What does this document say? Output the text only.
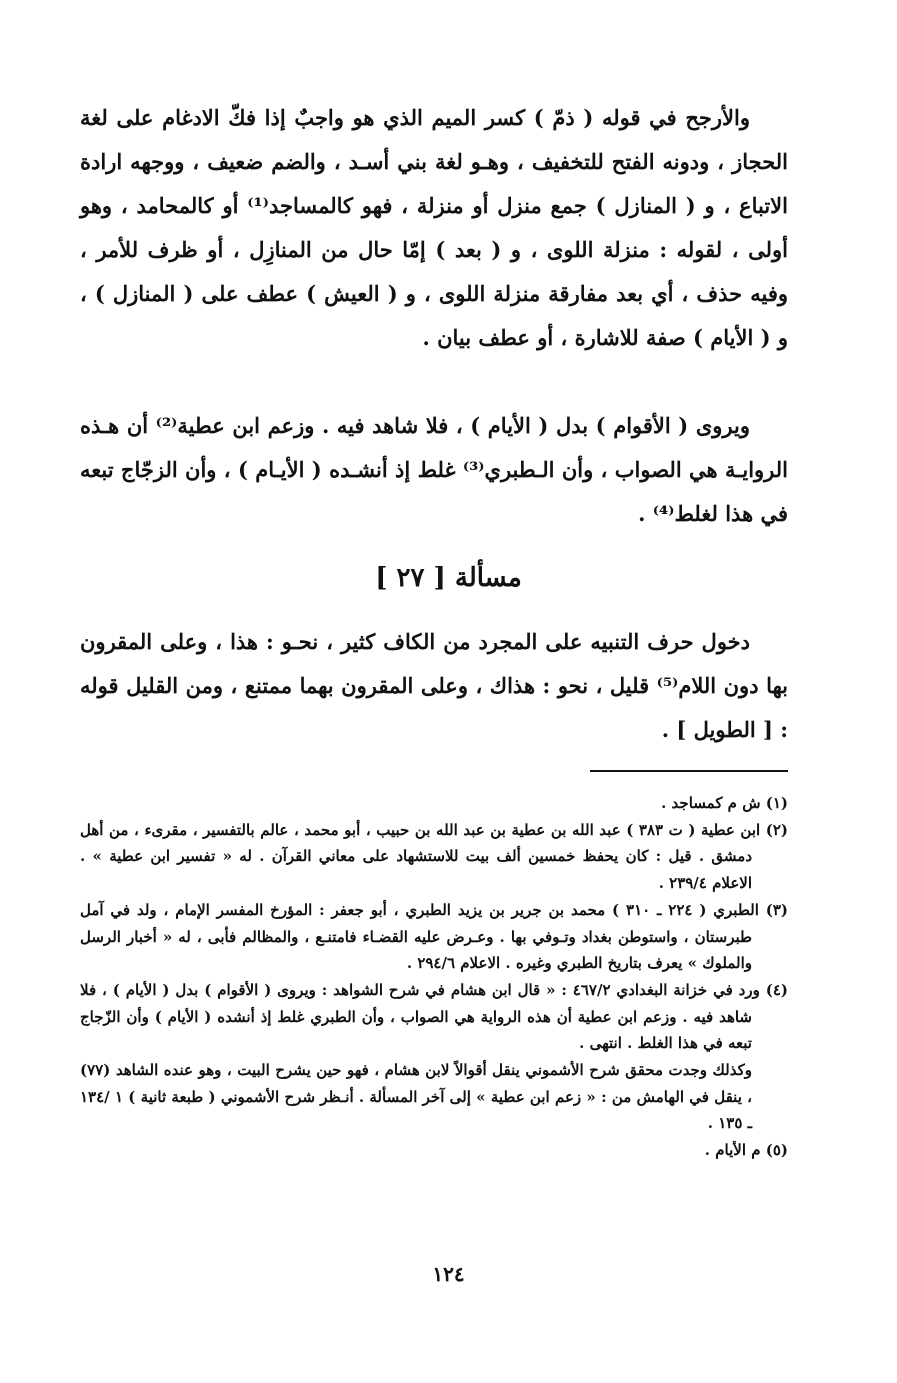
والأرجح في قوله ( ذمّ ) كسر الميم الذي هو واجبٌ إذا فكّ الادغام على لغة الحجاز ، ودونه الفتح للتخفيف ، وهـو لغة بني أسـد ، والضم ضعيف ، ووجهه ارادة الاتباع ، و ( المنازل ) جمع منزل أو منزلة ، فهو كالمساجد⁽¹⁾ أو كالمحامد ، وهو أولى ، لقوله : منزلة اللوى ، و ( بعد ) إمّا حال من المنازِل ، أو ظرف للأمر ، وفيه حذف ، أي بعد مفارقة منزلة اللوى ، و ( العيش ) عطف على ( المنازل ) ، و ( الأيام ) صفة للاشارة ، أو عطف بيان .

ويروى ( الأقوام ) بدل ( الأيام ) ، فلا شاهد فيه . وزعم ابن عطية⁽²⁾ أن هـذه الروايـة هي الصواب ، وأن الـطبري⁽³⁾ غلط إذ أنشـده ( الأيـام ) ، وأن الزجّاج تبعه في هذا لغلط⁽⁴⁾ .

مسألة [ ٢٧ ]

دخول حرف التنبيه على المجرد من الكاف كثير ، نحـو : هذا ، وعلى المقرون بها دون اللام⁽⁵⁾ قليل ، نحو : هذاك ، وعلى المقرون بهما ممتنع ، ومن القليل قوله : [ الطويل ] .

(١) ش م كمساجد .

(٢) ابن عطية ( ت ٣٨٣ ) عبد الله بن عطية بن عبد الله بن حبيب ، أبو محمد ، عالم بالتفسير ، مقرىء ، من أهل دمشق . قيل : كان يحفظ خمسين ألف بيت للاستشهاد على معاني القرآن . له « تفسير ابن عطية » . الاعلام ٢٣٩/٤ .

(٣) الطبري ( ٢٢٤ ـ ٣١٠ ) محمد بن جرير بن يزيد الطبري ، أبو جعفر : المؤرخ المفسر الإمام ، ولد في آمل طبرستان ، واستوطن بغداد وتـوفي بها . وعـرض عليه القضـاء فامتنـع ، والمظالم فأبى ، له « أخبار الرسل والملوك » يعرف بتاريخ الطبري وغيره . الاعلام ٢٩٤/٦ .

(٤) ورد في خزانة البغدادي ٤٦٧/٢ : « قال ابن هشام في شرح الشواهد : ويروى ( الأقوام ) بدل ( الأيام ) ، فلا شاهد فيه . وزعم ابن عطية أن هذه الرواية هي الصواب ، وأن الطبري غلط إذ أنشده ( الأيام ) وأن الزّجاج تبعه في هذا الغلط . انتهى .

وكذلك وجدت محقق شرح الأشموني ينقل أقوالاً لابن هشام ، فهو حين يشرح البيت ، وهو عنده الشاهد (٧٧) ، ينقل في الهامش من : « زعم ابن عطية » إلى آخر المسألة . أنـظر شرح الأشموني ( طبعة ثانية ) ١ /١٣٤ ـ ١٣٥ .

(٥) م الأيام .

١٢٤
